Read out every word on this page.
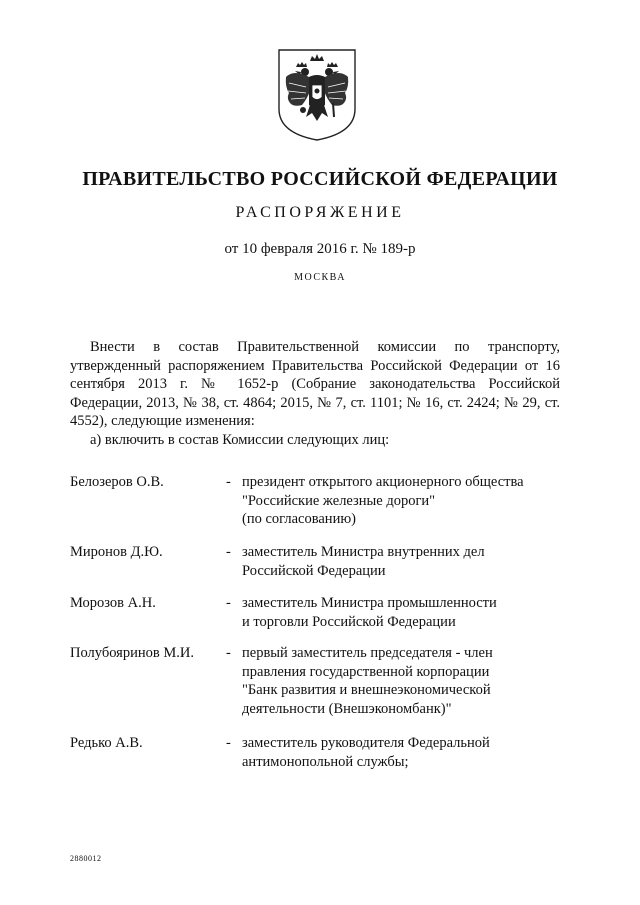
ПРАВИТЕЛЬСТВО РОССИЙСКОЙ ФЕДЕРАЦИИ
РАСПОРЯЖЕНИЕ
от 10 февраля 2016 г. № 189-р
МОСКВА

Внести в состав Правительственной комиссии по транспорту, утвержденный распоряжением Правительства Российской Федерации от 16 сентября 2013 г. № 1652-р (Собрание законодательства Российской Федерации, 2013, № 38, ст. 4864; 2015, № 7, ст. 1101; № 16, ст. 2424; № 29, ст. 4552), следующие изменения:

а) включить в состав Комиссии следующих лиц:

Белозеров О.В.	- президент открытого акционерного общества
"Российские железные дороги"
(по согласованию)
Миронов Д.Ю.	- заместитель Министра внутренних дел
Российской Федерации
Морозов А.Н.	- заместитель Министра промышленности
и торговли Российской Федерации
Полубояринов М.И. - первый заместитель председателя - член
правления государственной корпорации
"Банк развития и внешнеэкономической
деятельности (Внешэкономбанк)"
Редько А.В.	- заместитель руководителя Федеральной
антимонопольной службы;
2880012
